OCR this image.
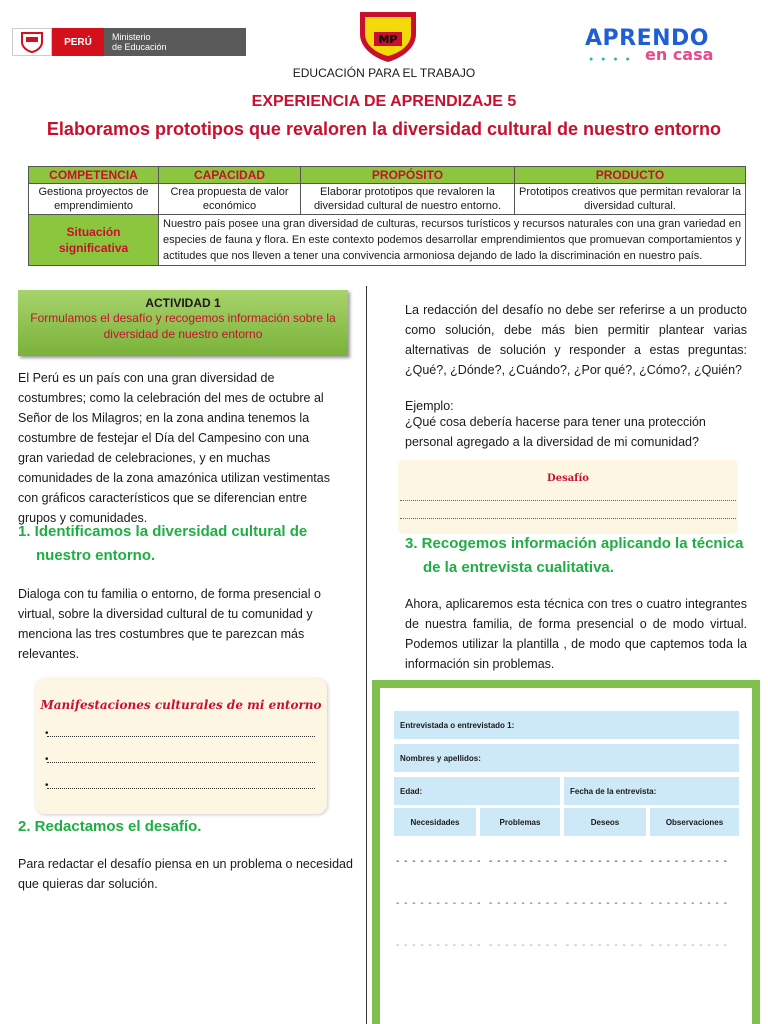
PERÚ	Ministerio
de Educación
MP	APRENDO
en casa
● ● ● ●
EDUCACIÓN PARA EL TRABAJO
EXPERIENCIA DE APRENDIZAJE 5
Elaboramos prototipos que revaloren la diversidad cultural de nuestro entorno
COMPETENCIA	CAPACIDAD	PROPÓSITO	PRODUCTO
Gestiona proyectos de emprendimiento	Crea propuesta de valor económico	Elaborar prototipos que revaloren la diversidad cultural de nuestro entorno.	Prototipos creativos que permitan revalorar la diversidad cultural.
Situación significativa	Nuestro país posee una gran diversidad de culturas, recursos turísticos y recursos naturales con una gran variedad en especies de fauna y flora. En este contexto podemos desarrollar emprendimientos que promuevan comportamientos y actitudes que nos lleven a tener una convivencia armoniosa dejando de lado la discriminación en nuestro país.		
ACTIVIDAD 1
Formulamos el desafío y recogemos información sobre la diversidad de nuestro entorno
El Perú es un país con una gran diversidad de costumbres; como la celebración del mes de octubre al Señor de los Milagros; en la zona andina tenemos la costumbre de festejar el Día del Campesino con una gran variedad de celebraciones, y en muchas comunidades de la zona amazónica utilizan vestimentas con gráficos característicos que se diferencian entre grupos y comunidades.
1. Identificamos la diversidad cultural de nuestro entorno.
Dialoga con tu familia o entorno, de forma presencial o virtual, sobre la diversidad cultural de tu comunidad y menciona las tres costumbres que te parezcan más relevantes.
Manifestaciones culturales de mi entorno
•
•
•
2. Redactamos el desafío.
Para redactar el desafío piensa en un problema o necesidad que quieras dar solución.
La redacción del desafío no debe ser referirse a un producto como solución, debe más bien permitir plantear varias alternativas de solución y responder a estas preguntas: ¿Qué?, ¿Dónde?, ¿Cuándo?, ¿Por qué?, ¿Cómo?, ¿Quién?
Ejemplo:
¿Qué cosa debería hacerse para tener una protección personal agregado a la diversidad de mi comunidad?
Desafío
3. Recogemos información aplicando la técnica de la entrevista cualitativa.
Ahora, aplicaremos esta técnica con tres o cuatro integrantes de nuestra familia, de forma presencial o de modo virtual. Podemos utilizar la plantilla , de modo que captemos toda la información sin problemas.
Entrevistada o entrevistado 1:
Nombres y apellidos:
Edad:	Fecha de la entrevista:
Necesidades	Problemas	Deseos	Observaciones
- - - - - - - - - - -  - - - - - - - - -  - - - - - - - - - -  - - - - - - - - - -
- - - - - - - - - - -  - - - - - - - - -  - - - - - - - - - -  - - - - - - - - - -
- - - - - - - - - - -  - - - - - - - - -  - - - - - - - - - -  - - - - - - - - - -
